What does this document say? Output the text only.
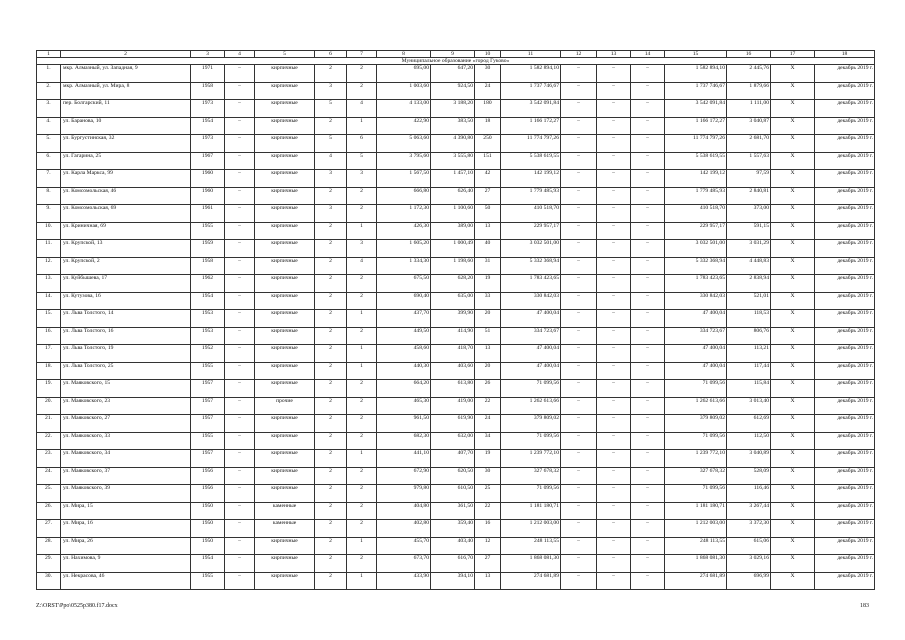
1	2	3	4	5	6	7	8	9	10	11	12	13	14	15	16	17	18
Муниципальное образование «город Гуково»																	
1.	мкр. Алмазный, ул. Западная, 9	1971	–	кирпичные	2	2	695,00	647,20	30	1 582 894,10	–	–	–	1 582 894,10	2 445,76	Х	декабрь 2019 г.
2.	мкр. Алмазный, ул. Мира, 8	1958	–	кирпичные	3	2	1 003,60	924,50	24	1 737 746,67	–	–	–	1 737 746,67	1 879,66	Х	декабрь 2019 г.
3.	пер. Болгарский, 11	1973	–	кирпичные	5	4	4 133,00	3 188,20	180	3 542 091,84	–	–	–	3 542 091,84	1 111,00	Х	декабрь 2019 г.
4.	ул. Баранова, 10	1954	–	кирпичные	2	1	422,90	383,50	18	1 166 172,27	–	–	–	1 166 172,27	3 040,87	Х	декабрь 2019 г.
5.	ул. Бургустинская, 32	1973	–	кирпичные	5	6	5 063,60	4 390,80	250	11 774 797,26	–	–	–	11 774 797,26	2 681,70	Х	декабрь 2019 г.
6.	ул. Гагарина, 25	1967	–	кирпичные	4	5	3 795,60	3 555,80	151	5 538 619,55	–	–	–	5 538 619,55	1 557,63	Х	декабрь 2019 г.
7.	ул. Карла Маркса, 99	1960	–	кирпичные	3	3	1 567,50	1 457,10	42	142 199,12	–	–	–	142 199,12	97,59	Х	декабрь 2019 г.
8.	ул. Комсомольская, 46	1960	–	кирпичные	2	2	666,80	626,40	27	1 779 485,93	–	–	–	1 779 485,93	2 840,81	Х	декабрь 2019 г.
9.	ул. Комсомольская, 69	1961	–	кирпичные	3	2	1 172,30	1 100,60	50	410 518,70	–	–	–	410 518,70	373,00	Х	декабрь 2019 г.
10.	ул. Криничная, 69	1955	–	кирпичные	2	1	426,30	389,00	13	229 957,17	–	–	–	229 957,17	591,15	Х	декабрь 2019 г.
11.	ул. Крупской, 13	1959	–	кирпичные	2	3	1 605,20	1 000,49	40	3 032 501,00	–	–	–	3 032 501,00	3 031,29	Х	декабрь 2019 г.
12.	ул. Крупской, 2	1958	–	кирпичные	2	4	1 334,30	1 198,60	31	5 332 368,94	–	–	–	5 332 368,94	4 448,83	Х	декабрь 2019 г.
13.	ул. Куйбышева, 17	1962	–	кирпичные	2	2	675,50	628,20	19	1 783 423,65	–	–	–	1 783 423,65	2 838,94	Х	декабрь 2019 г.
14.	ул. Кутузова, 16	1954	–	кирпичные	2	2	690,40	635,00	33	330 842,03	–	–	–	330 842,03	521,01	Х	декабрь 2019 г.
15.	ул. Льва Толстого, 14	1953	–	кирпичные	2	1	437,70	399,90	20	47 400,04	–	–	–	47 400,04	118,53	Х	декабрь 2019 г.
16.	ул. Льва Толстого, 16	1953	–	кирпичные	2	2	449,50	414,90	51	334 723,67	–	–	–	334 723,67	806,76	Х	декабрь 2019 г.
17.	ул. Льва Толстого, 19	1952	–	кирпичные	2	1	458,60	418,70	13	47 400,04	–	–	–	47 400,04	113,21	Х	декабрь 2019 г.
18.	ул. Льва Толстого, 25	1955	–	кирпичные	2	1	440,30	403,60	20	47 400,04	–	–	–	47 400,04	117,44	Х	декабрь 2019 г.
19.	ул. Маяковского, 15	1957	–	кирпичные	2	2	664,20	613,80	26	71 099,56	–	–	–	71 099,56	115,84	Х	декабрь 2019 г.
20.	ул. Маяковского, 23	1957	–	прочие	2	2	465,30	419,00	22	1 262 613,66	–	–	–	1 262 613,66	3 013,40	Х	декабрь 2019 г.
21.	ул. Маяковского, 27	1957	–	кирпичные	2	2	961,50	619,90	24	379 809,02	–	–	–	379 809,02	612,69	Х	декабрь 2019 г.
22.	ул. Маяковского, 33	1955	–	кирпичные	2	2	682,30	632,00	34	71 099,56	–	–	–	71 099,56	112,50	Х	декабрь 2019 г.
23.	ул. Маяковского, 34	1957	–	кирпичные	2	1	441,10	407,70	19	1 239 772,10	–	–	–	1 239 772,10	3 040,89	Х	декабрь 2019 г.
24.	ул. Маяковского, 37	1956	–	кирпичные	2	2	672,90	620,50	30	327 678,32	–	–	–	327 678,32	528,09	Х	декабрь 2019 г.
25.	ул. Маяковского, 39	1956	–	кирпичные	2	2	979,80	610,50	25	71 099,56	–	–	–	71 099,56	116,46	Х	декабрь 2019 г.
26.	ул. Мира, 15	1950	–	каменные	2	2	404,80	361,50	22	1 181 180,71	–	–	–	1 181 180,71	3 267,44	Х	декабрь 2019 г.
27.	ул. Мира, 16	1950	–	каменные	2	2	402,80	359,40	16	1 212 003,00	–	–	–	1 212 003,00	3 372,30	Х	декабрь 2019 г.
28.	ул. Мира, 26	1950	–	кирпичные	2	1	455,70	403,40	12	248 113,55	–	–	–	248 113,55	615,06	Х	декабрь 2019 г.
29.	ул. Нахимова, 9	1954	–	кирпичные	2	2	673,70	616,70	27	1 868 081,30	–	–	–	1 868 081,30	3 029,16	Х	декабрь 2019 г.
30.	ул. Некрасова, 46	1955	–	кирпичные	2	1	433,90	394,10	13	274 681,89	–	–	–	274 681,89	696,99	Х	декабрь 2019 г.
Z:\ORST\Ppo\0525p380.f17.docx	183
